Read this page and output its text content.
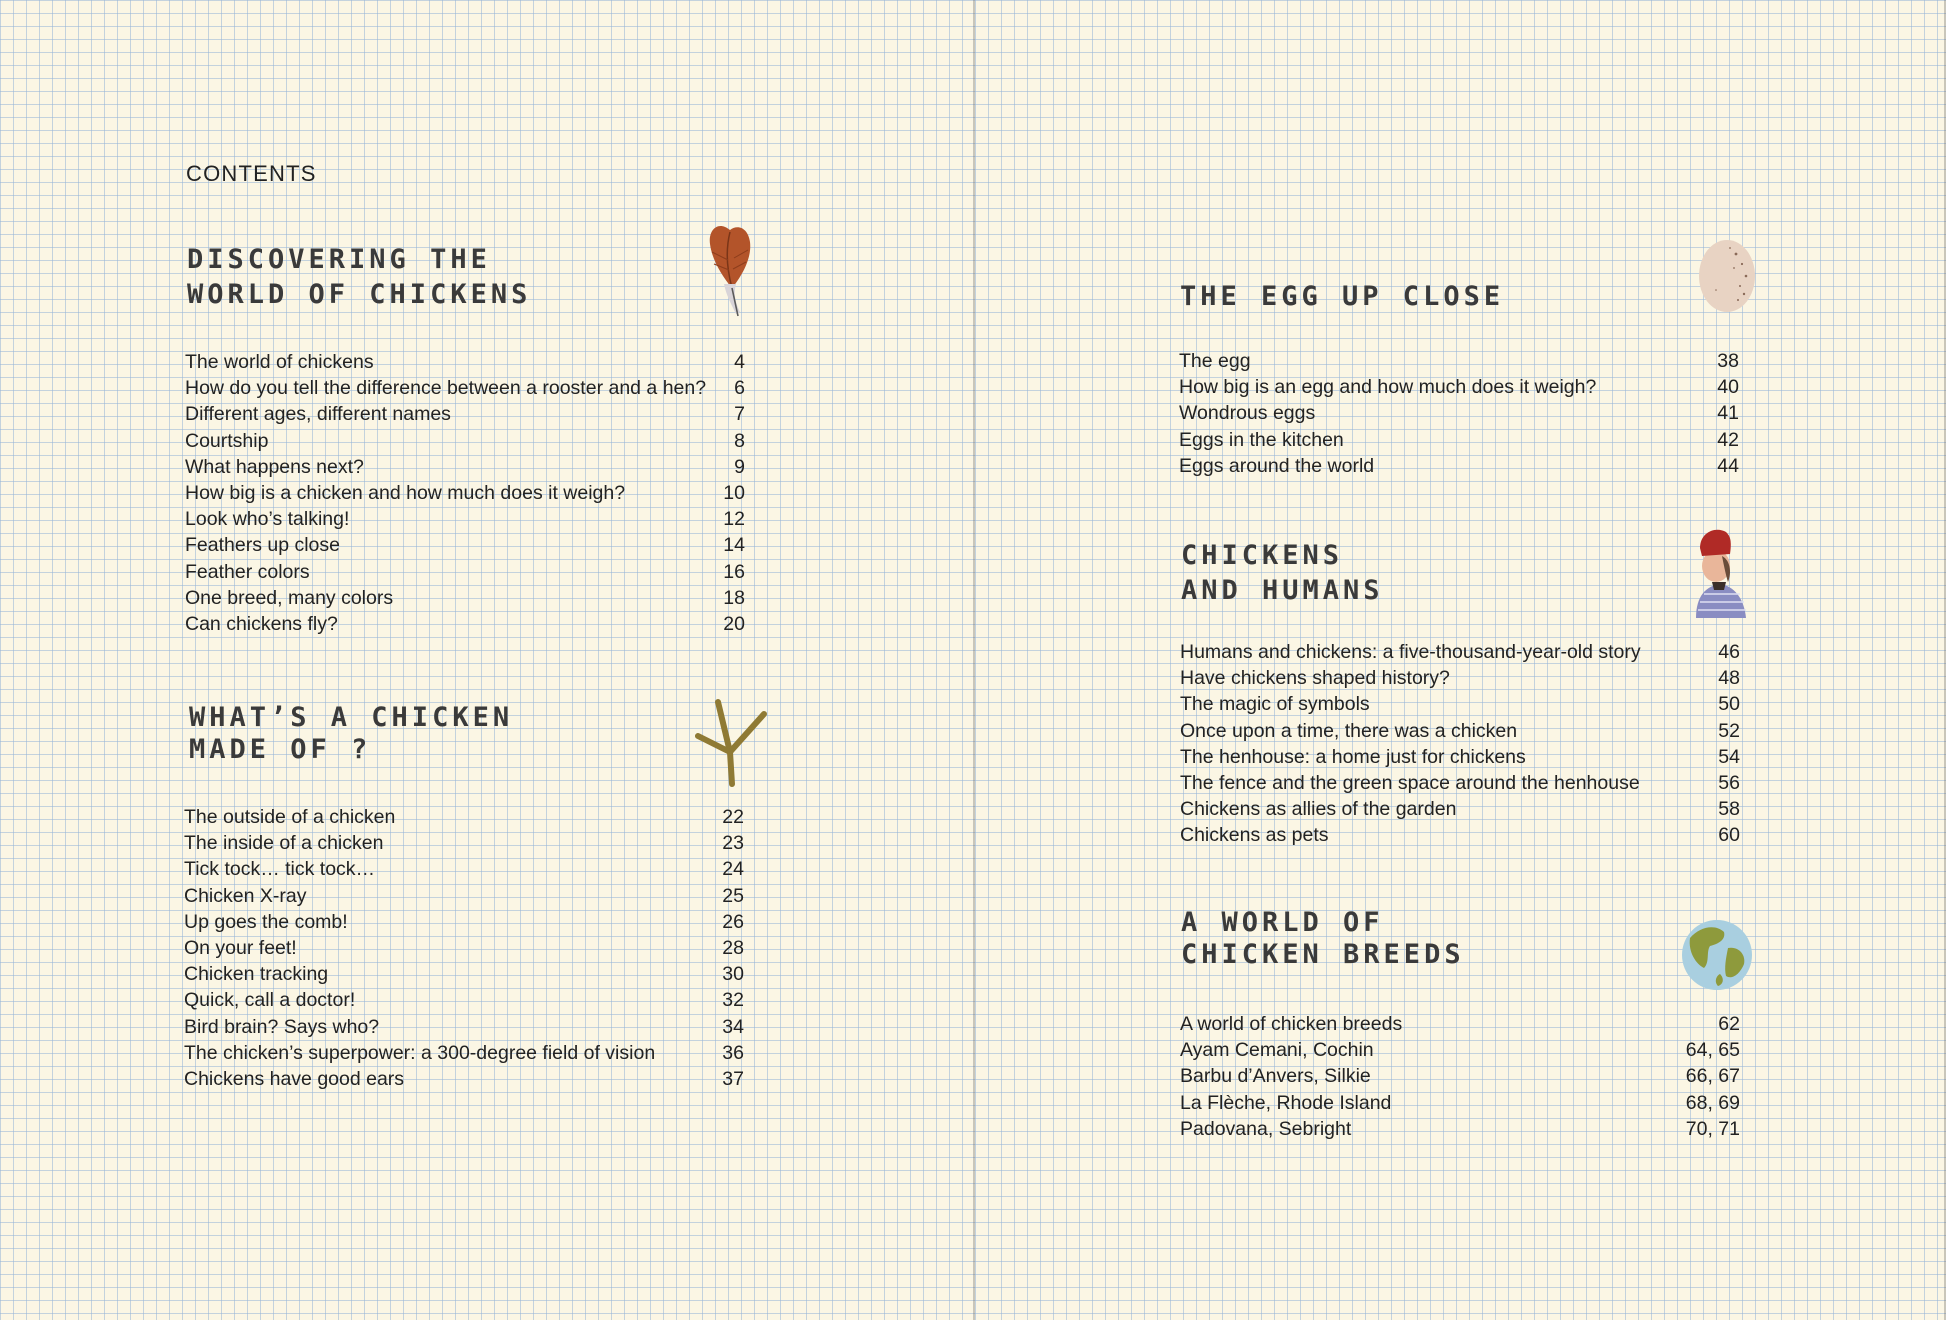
CONTENTS
DISCOVERING THE
WORLD OF CHICKENS
The world of chickens	4
How do you tell the difference between a rooster and a hen?	6
Different ages, different names	7
Courtship	8
What happens next?	9
How big is a chicken and how much does it weigh?	10
Look who’s talking!	12
Feathers up close	14
Feather colors	16
One breed, many colors	18
Can chickens fly?	20
WHAT’S A CHICKEN
MADE OF ?
The outside of a chicken	22
The inside of a chicken	23
Tick tock… tick tock…	24
Chicken X-ray	25
Up goes the comb!	26
On your feet!	28
Chicken tracking	30
Quick, call a doctor!	32
Bird brain? Says who?	34
The chicken’s superpower: a 300-degree field of vision	36
Chickens have good ears	37
THE EGG UP CLOSE
The egg	38
How big is an egg and how much does it weigh?	40
Wondrous eggs	41
Eggs in the kitchen	42
Eggs around the world	44
CHICKENS
AND HUMANS
Humans and chickens: a five-thousand-year-old story	46
Have chickens shaped history?	48
The magic of symbols	50
Once upon a time, there was a chicken	52
The henhouse: a home just for chickens	54
The fence and the green space around the henhouse	56
Chickens as allies of the garden	58
Chickens as pets	60
A WORLD OF
CHICKEN BREEDS
A world of chicken breeds	62
Ayam Cemani, Cochin	64, 65
Barbu d’Anvers, Silkie	66, 67
La Flèche, Rhode Island	68, 69
Padovana, Sebright	70, 71
